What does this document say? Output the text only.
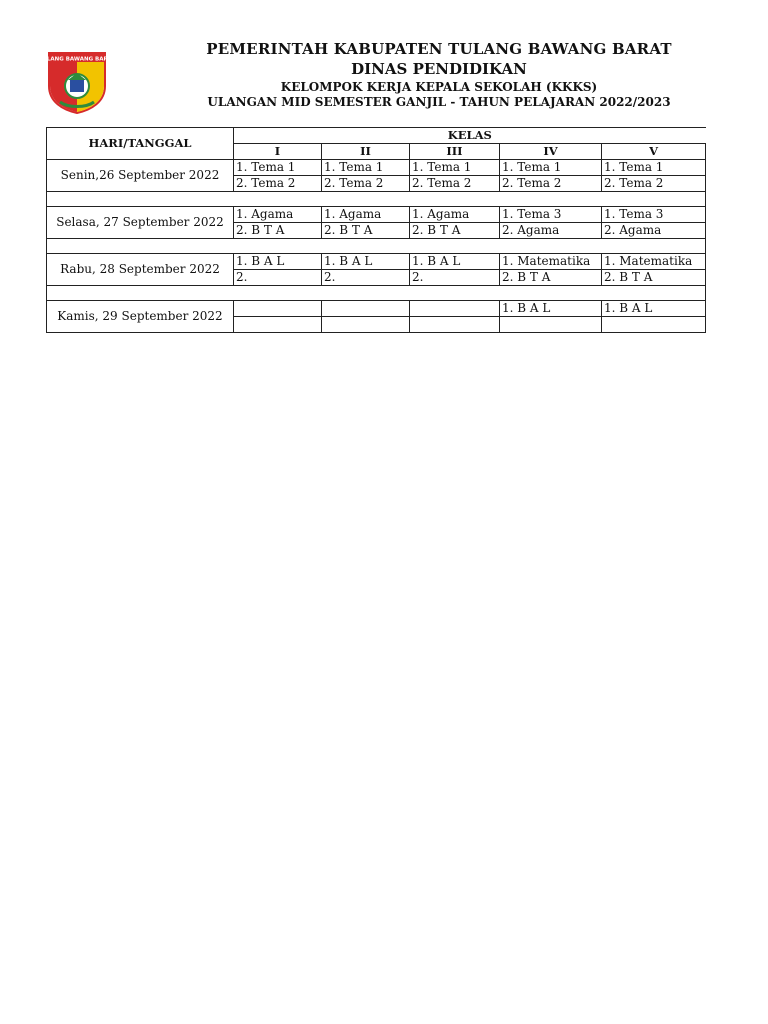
TULANG BAWANG BARAT
PEMERINTAH KABUPATEN TULANG BAWANG BARAT
DINAS PENDIDIKAN
KELOMPOK KERJA KEPALA SEKOLAH (KKKS)
ULANGAN MID SEMESTER GANJIL - TAHUN PELAJARAN 2022/2023
HARI/TANGGAL	KELAS				
	I	II	III	IV	V
Senin,26 September 2022	1. Tema 1	1. Tema 1	1. Tema 1	1. Tema 1	1. Tema 1
	2. Tema 2	2. Tema 2	2. Tema 2	2. Tema 2	2. Tema 2

Selasa, 27 September 2022	1. Agama	1. Agama	1. Agama	1. Tema 3	1. Tema 3
	2. B T A	2. B T A	2. B T A	2. Agama	2. Agama

Rabu, 28 September 2022	1. B A L	1. B A L	1. B A L	1. Matematika	1. Matematika
	2.	2.	2.	2. B T A	2. B T A

Kamis, 29 September 2022				1. B A L	1. B A L
